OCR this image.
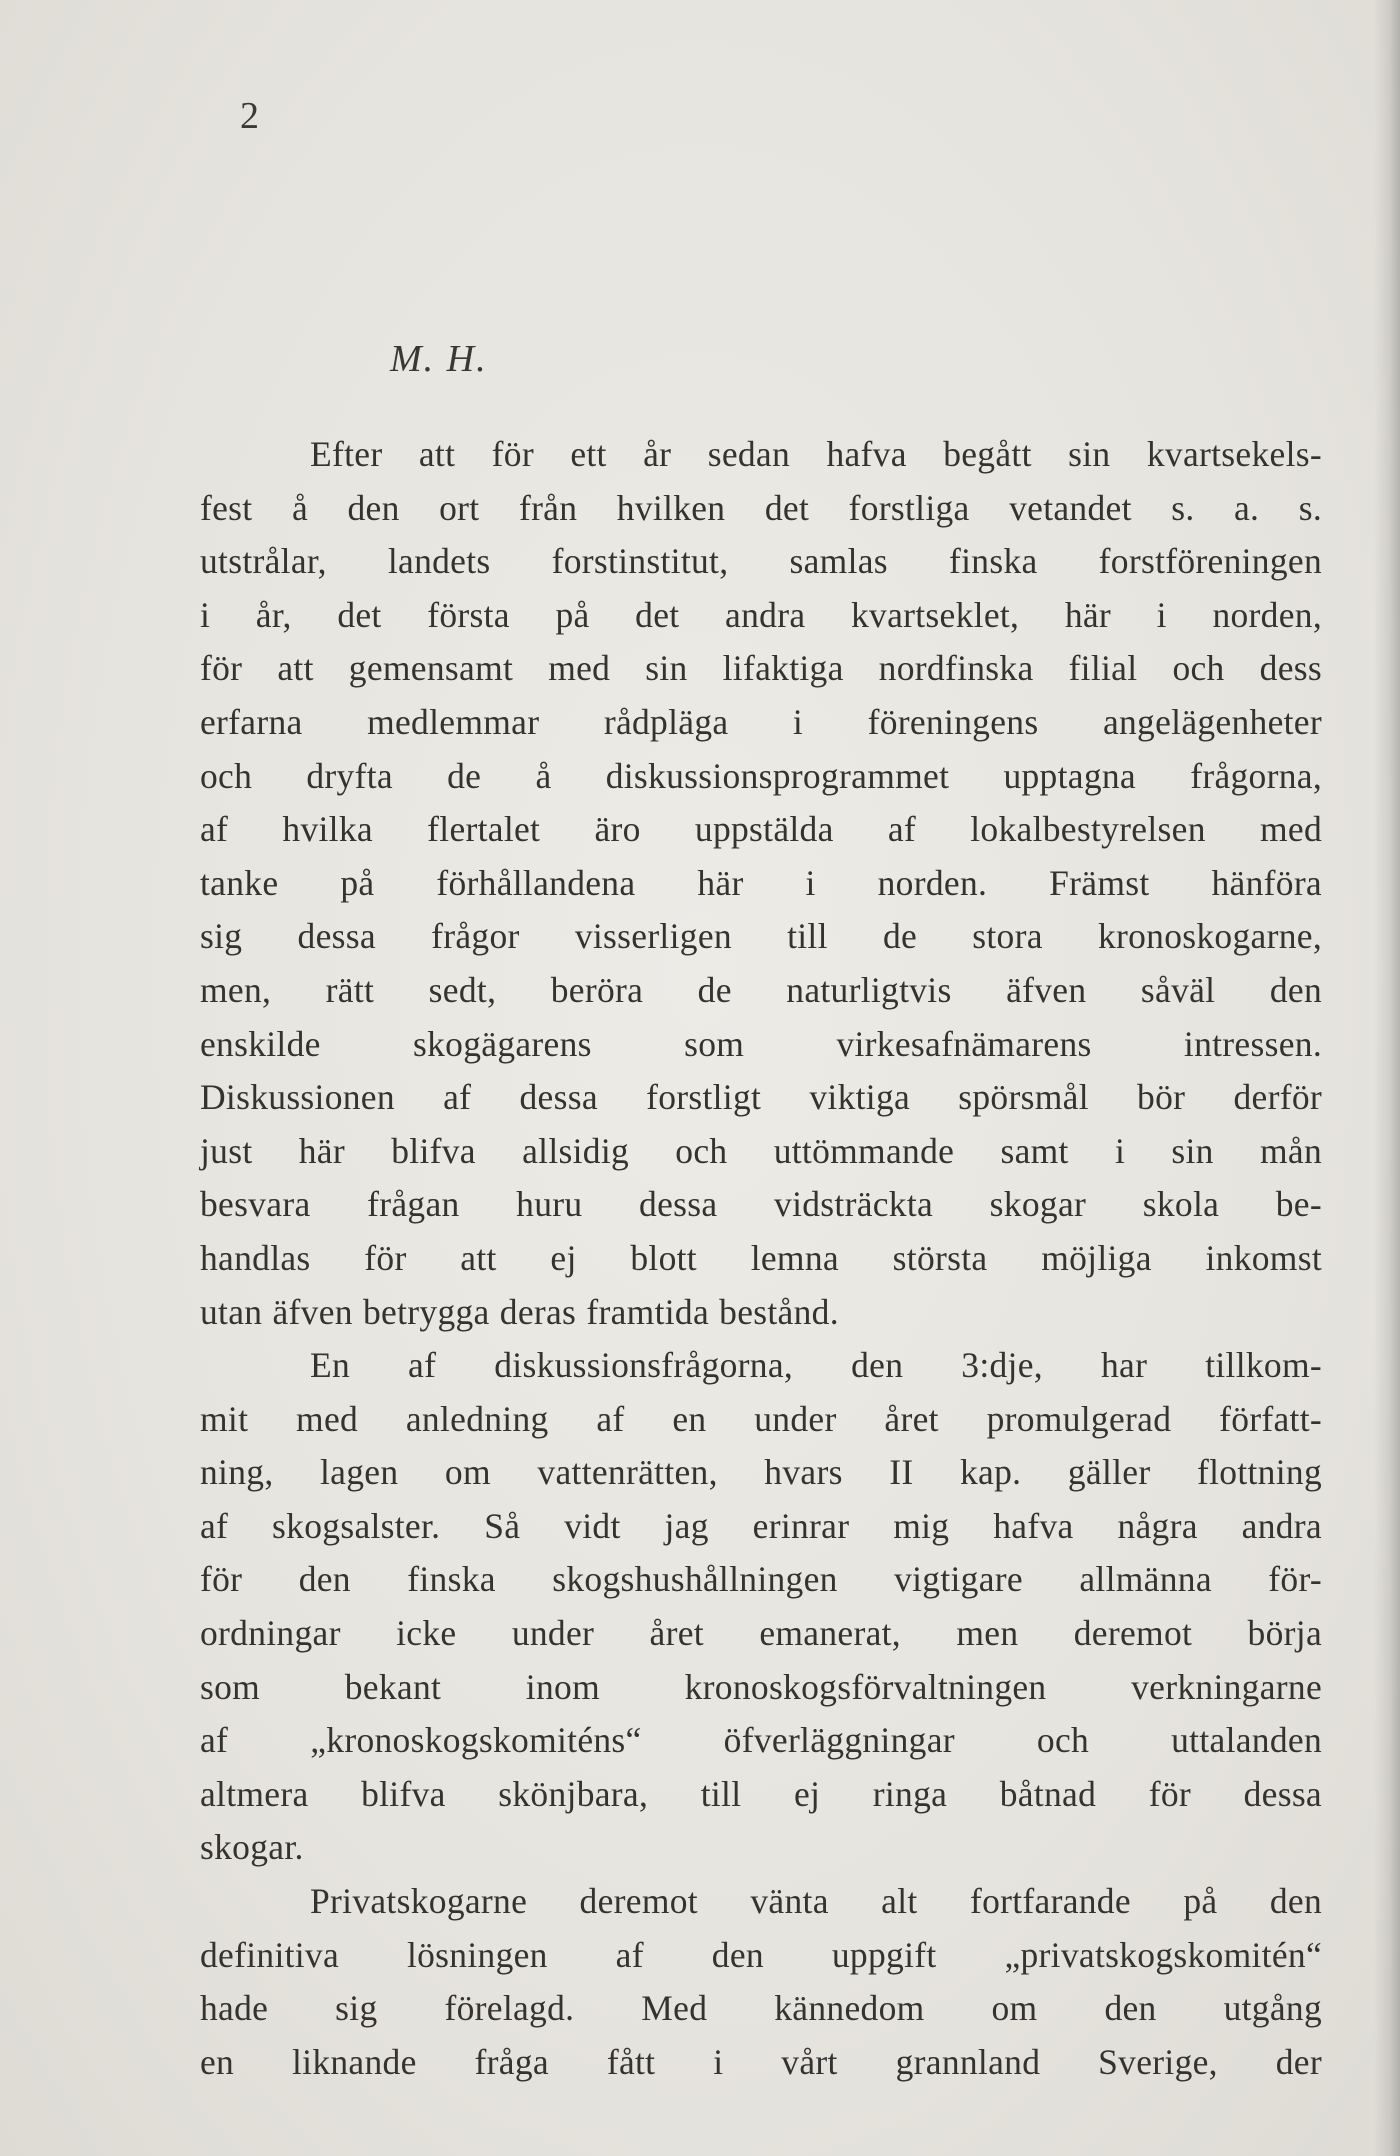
2
M. H.
Efter att för ett år sedan hafva begått sin kvartsekels-
fest å den ort från hvilken det forstliga vetandet s. a. s.
utstrålar, landets forstinstitut, samlas finska forstföreningen
i år, det första på det andra kvartseklet, här i norden,
för att gemensamt med sin lifaktiga nordfinska filial och dess
erfarna medlemmar rådpläga i föreningens angelägenheter
och dryfta de å diskussionsprogrammet upptagna frågorna,
af hvilka flertalet äro uppstälda af lokalbestyrelsen med
tanke på förhållandena här i norden. Främst hänföra
sig dessa frågor visserligen till de stora kronoskogarne,
men, rätt sedt, beröra de naturligtvis äfven såväl den
enskilde skogägarens som virkesafnämarens intressen.
Diskussionen af dessa forstligt viktiga spörsmål bör derför
just här blifva allsidig och uttömmande samt i sin mån
besvara frågan huru dessa vidsträckta skogar skola be-
handlas för att ej blott lemna största möjliga inkomst
utan äfven betrygga deras framtida bestånd.
En af diskussionsfrågorna, den 3:dje, har tillkom-
mit med anledning af en under året promulgerad författ-
ning, lagen om vattenrätten, hvars II kap. gäller flottning
af skogsalster. Så vidt jag erinrar mig hafva några andra
för den finska skogshushållningen vigtigare allmänna för-
ordningar icke under året emanerat, men deremot börja
som bekant inom kronoskogsförvaltningen verkningarne
af „kronoskogskomiténs“ öfverläggningar och uttalanden
altmera blifva skönjbara, till ej ringa båtnad för dessa
skogar.
Privatskogarne deremot vänta alt fortfarande på den
definitiva lösningen af den uppgift „privatskogskomitén“
hade sig förelagd. Med kännedom om den utgång
en liknande fråga fått i vårt grannland Sverige, der
